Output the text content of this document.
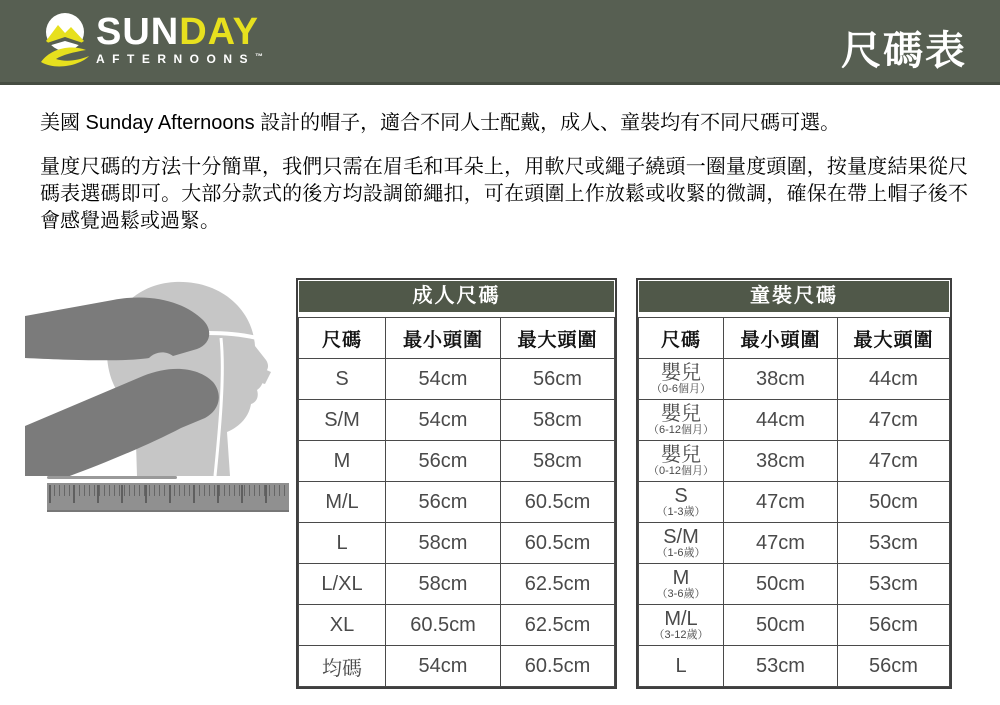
SUNDAY
AFTERNOONS™	尺碼表
美國 Sunday Afternoons 設計的帽子，適合不同人士配戴，成人、童裝均有不同尺碼可選。
量度尺碼的方法十分簡單，我們只需在眉毛和耳朵上，用軟尺或繩子繞頭一圈量度頭圍，按量度結果從尺碼表選碼即可。大部分款式的後方均設調節繩扣，可在頭圍上作放鬆或收緊的微調，確保在帶上帽子後不會感覺過鬆或過緊。
成人尺碼
尺碼	最小頭圍	最大頭圍
S	54cm	56cm
S/M	54cm	58cm
M	56cm	58cm
M/L	56cm	60.5cm
L	58cm	60.5cm
L/XL	58cm	62.5cm
XL	60.5cm	62.5cm
均碼	54cm	60.5cm
童裝尺碼
尺碼	最小頭圍	最大頭圍

嬰兒
（0-6個月）	38cm	44cm

嬰兒
（6-12個月）	44cm	47cm

嬰兒
（0-12個月）	38cm	47cm

S
（1-3歲）	47cm	50cm

S/M
（1-6歲）	47cm	53cm

M
（3-6歲）	50cm	53cm

M/L
（3-12歲）	50cm	56cm

L	53cm	56cm
